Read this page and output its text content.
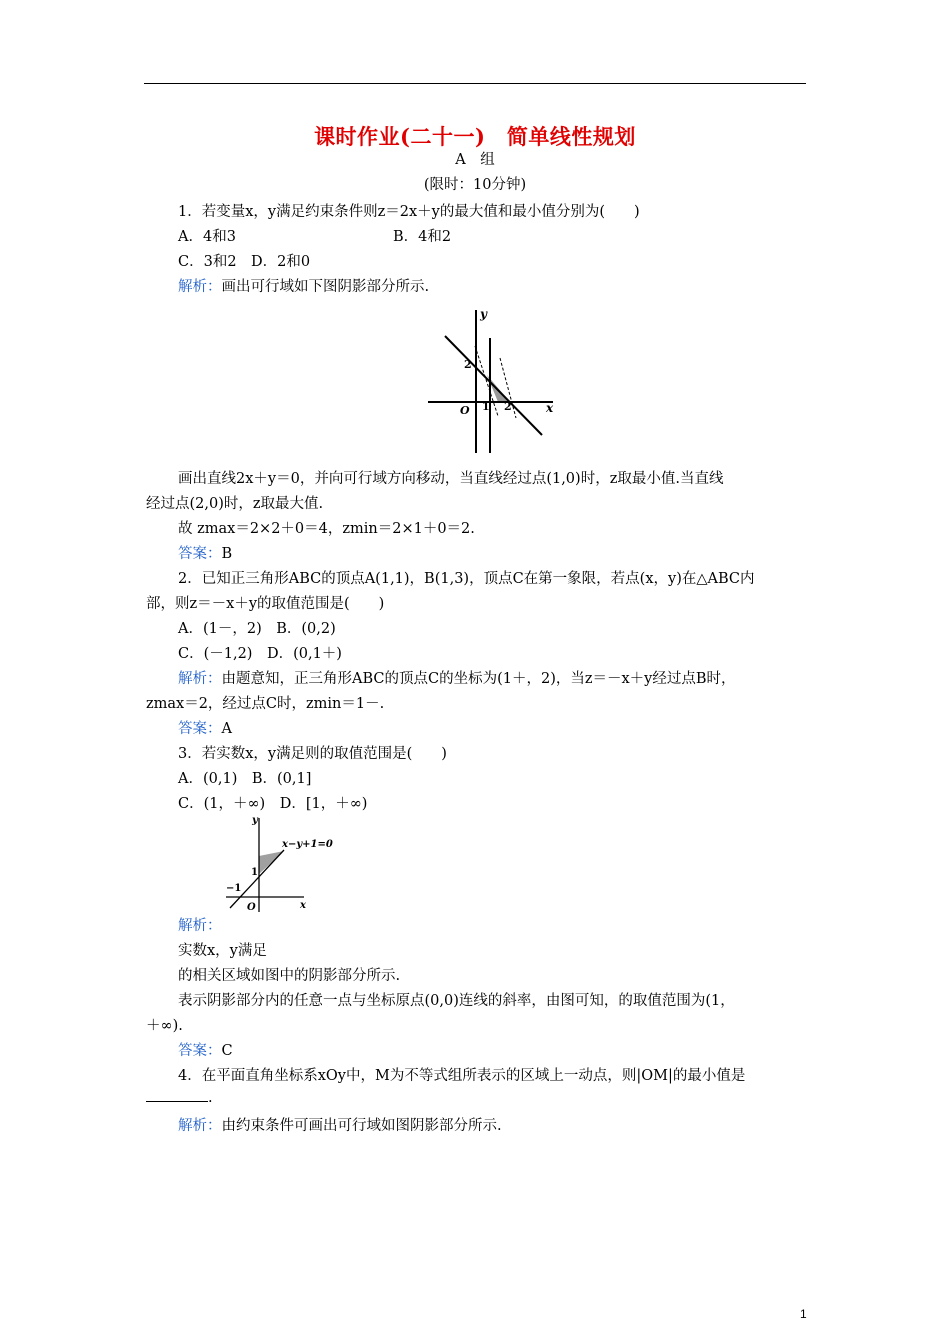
课时作业(二十一)　简单线性规划
A　组
(限时：10分钟)
1．若变量x，y满足约束条件则z＝2x＋y的最大值和最小值分别为(　　)
A．4和3	B．4和2
C．3和2　D．2和0
解析：画出可行域如下图阴影部分所示.
y
x
O
2
1 2
画出直线2x＋y＝0，并向可行域方向移动，当直线经过点(1,0)时，z取最小值.当直线
经过点(2,0)时，z取最大值.
故 zmax＝2×2＋0＝4，zmin＝2×1＋0＝2.
答案：B
2．已知正三角形ABC的顶点A(1,1)，B(1,3)，顶点C在第一象限，若点(x，y)在△ABC内
部，则z＝－x＋y的取值范围是(　　)
A．(1－，2)　B．(0,2)
C．(－1,2)　D．(0,1＋)
解析：由题意知，正三角形ABC的顶点C的坐标为(1＋，2)，当z＝－x＋y经过点B时，
zmax＝2，经过点C时，zmin＝1－.
答案：A
3．若实数x，y满足则的取值范围是(　　)
A．(0,1)　B．(0,1]
C．(1，＋∞)　D．[1，＋∞)
y
x
O
x−y+1=0
1
−1
解析：
实数x，y满足
的相关区域如图中的阴影部分所示.
表示阴影部分内的任意一点与坐标原点(0,0)连线的斜率，由图可知，的取值范围为(1，
＋∞).
答案：C
4．在平面直角坐标系xOy中，M为不等式组所表示的区域上一动点，则|OM|的最小值是
.
解析：由约束条件可画出可行域如图阴影部分所示.
1
